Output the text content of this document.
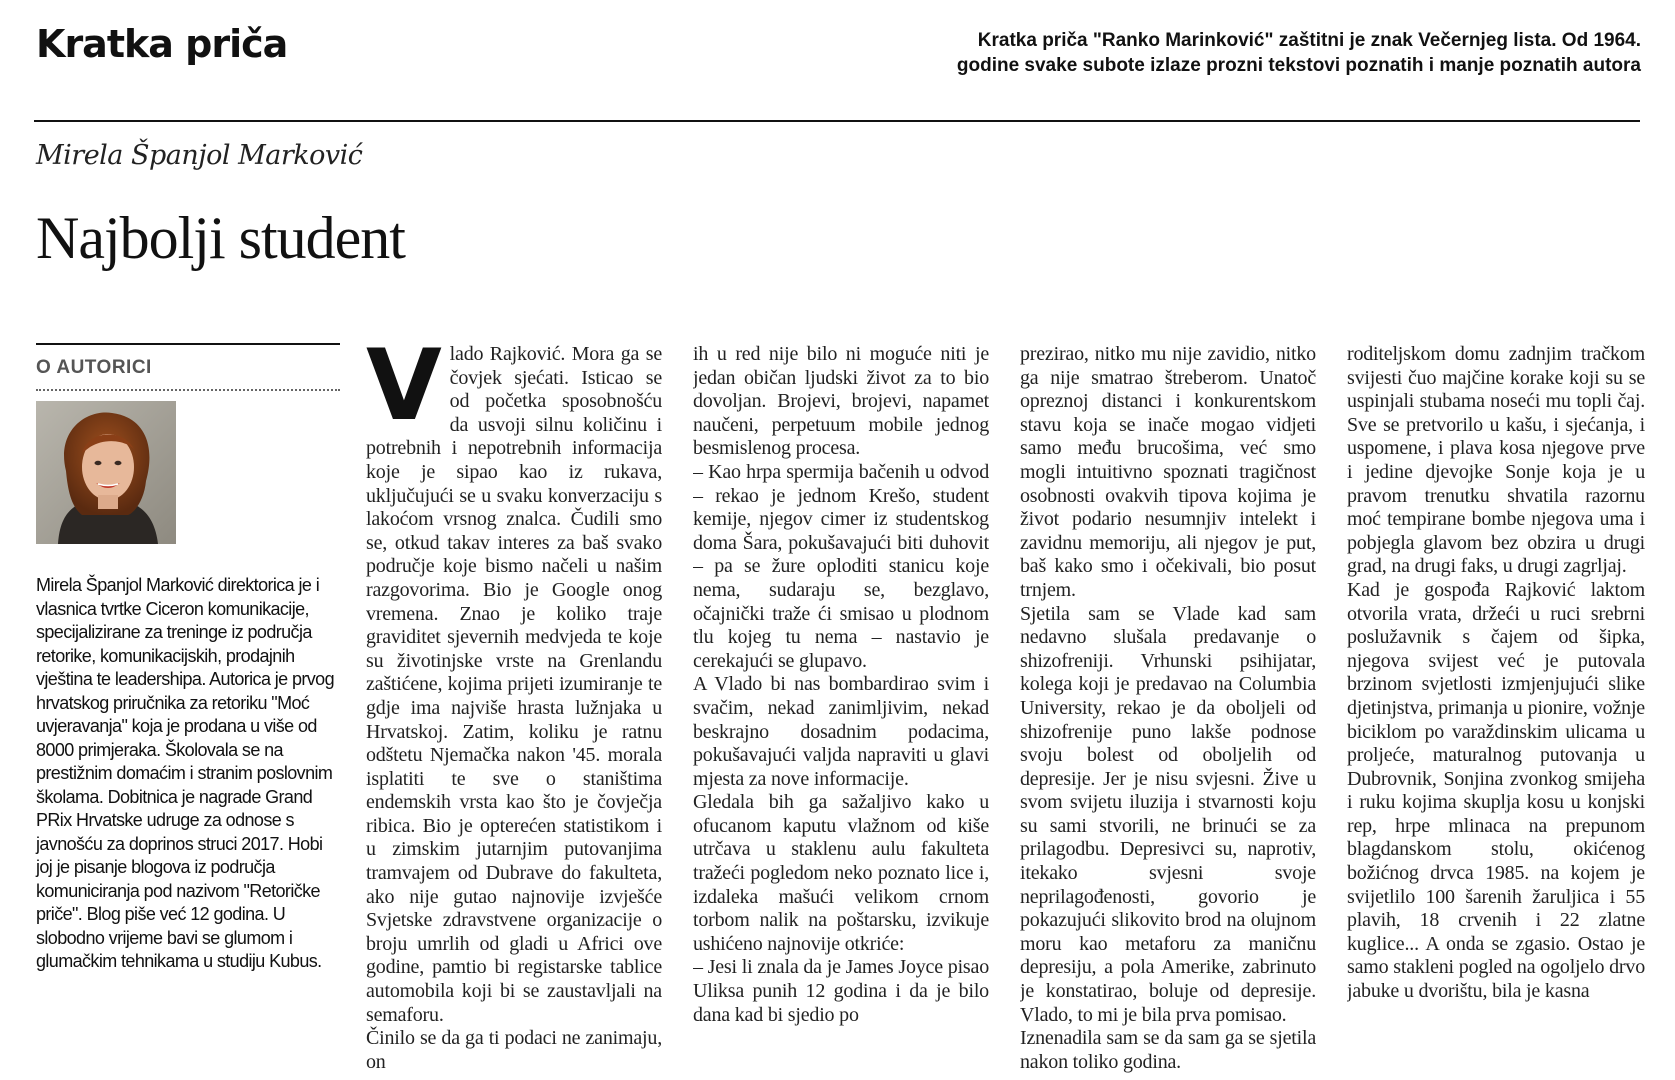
Kratka priča	Kratka priča "Ranko Marinković" zaštitni je znak Večernjeg lista. Od 1964.
godine svake subote izlaze prozni tekstovi poznatih i manje poznatih autora
Mirela Španjol Marković
Najbolji student
O AUTORICI
Mirela Španjol Marković direktorica je i vlasnica tvrtke Ciceron komunikacije, specijalizirane za treninge iz područja retorike, komunikacijskih, prodajnih vještina te leadershipa. Autorica je prvog hrvatskog priručnika za retoriku "Moć uvjeravanja" koja je prodana u više od 8000 primjeraka. Školovala se na prestižnim domaćim i stranim poslovnim školama. Dobitnica je nagrade Grand PRix Hrvatske udruge za odnose s javnošću za doprinos struci 2017. Hobi joj je pisanje blogova iz područja komuniciranja pod nazivom "Retoričke priče". Blog piše već 12 godina. U slobodno vrijeme bavi se glumom i glumačkim tehnikama u studiju Kubus.

Vlado Rajković. Mora ga se čovjek sjećati. Isticao se od početka sposobnošću da usvoji silnu količinu i potrebnih i nepotrebnih informacija koje je sipao kao iz rukava, uključujući se u svaku konverzaciju s lakoćom vrsnog znalca. Čudili smo se, otkud takav interes za baš svako područje koje bismo načeli u našim razgovorima. Bio je Google onog vremena. Znao je koliko traje graviditet sjevernih medvjeda te koje su životinjske vrste na Grenlandu zaštićene, kojima prijeti izumiranje te gdje ima najviše hrasta lužnjaka u Hrvatskoj. Zatim, koliku je ratnu odštetu Njemačka nakon '45. morala isplatiti te sve o staništima endemskih vrsta kao što je čovječja ribica. Bio je opterećen statistikom i u zimskim jutarnjim putovanjima tramvajem od Dubrave do fakulteta, ako nije gutao najnovije izvješće Svjetske zdravstvene organizacije o broju umrlih od gladi u Africi ove godine, pamtio bi registarske tablice automobila koji bi se zaustavljali na semaforu.

Činilo se da ga ti podaci ne zanimaju, on

ih u red nije bilo ni moguće niti je jedan običan ljudski život za to bio dovoljan. Brojevi, brojevi, napamet naučeni, perpetuum mobile jednog besmislenog procesa.

– Kao hrpa spermija bačenih u odvod – rekao je jednom Krešo, student kemije, njegov cimer iz studentskog doma Šara, pokušavajući biti duhovit – pa se žure oploditi stanicu koje nema, sudaraju se, bezglavo, očajnički traže ći smisao u plodnom tlu kojeg tu nema – nastavio je cerekajući se glupavo.

A Vlado bi nas bombardirao svim i svačim, nekad zanimljivim, nekad beskrajno dosadnim podacima, pokušavajući valjda napraviti u glavi mjesta za nove informacije.

Gledala bih ga sažaljivo kako u ofucanom kaputu vlažnom od kiše utrčava u staklenu aulu fakulteta tražeći pogledom neko poznato lice i, izdaleka mašući velikom crnom torbom nalik na poštarsku, izvikuje ushićeno najnovije otkriće:

– Jesi li znala da je James Joyce pisao Uliksa punih 12 godina i da je bilo dana kad bi sjedio po

prezirao, nitko mu nije zavidio, nitko ga nije smatrao štreberom. Unatoč opreznoj distanci i konkurentskom stavu koja se inače mogao vidjeti samo među brucošima, već smo mogli intuitivno spoznati tragičnost osobnosti ovakvih tipova kojima je život podario nesumnjiv intelekt i zavidnu memoriju, ali njegov je put, baš kako smo i očekivali, bio posut trnjem.

Sjetila sam se Vlade kad sam nedavno slušala predavanje o shizofreniji. Vrhunski psihijatar, kolega koji je predavao na Columbia University, rekao je da oboljeli od shizofrenije puno lakše podnose svoju bolest od oboljelih od depresije. Jer je nisu svjesni. Žive u svom svijetu iluzija i stvarnosti koju su sami stvorili, ne brinući se za prilagodbu. Depresivci su, naprotiv, itekako svjesni svoje neprilagođenosti, govorio je pokazujući slikovito brod na olujnom moru kao metaforu za maničnu depresiju, a pola Amerike, zabrinuto je konstatirao, boluje od depresije. Vlado, to mi je bila prva pomisao.

Iznenadila sam se da sam ga se sjetila nakon toliko godina.

roditeljskom domu zadnjim tračkom svijesti čuo majčine korake koji su se uspinjali stubama noseći mu topli čaj. Sve se pretvorilo u kašu, i sjećanja, i uspomene, i plava kosa njegove prve i jedine djevojke Sonje koja je u pravom trenutku shvatila razornu moć tempirane bombe njegova uma i pobjegla glavom bez obzira u drugi grad, na drugi faks, u drugi zagrljaj.

Kad je gospođa Rajković laktom otvorila vrata, držeći u ruci srebrni poslužavnik s čajem od šipka, njegova svijest već je putovala brzinom svjetlosti izmjenjujući slike djetinjstva, primanja u pionire, vožnje biciklom po varaždinskim ulicama u proljeće, maturalnog putovanja u Dubrovnik, Sonjina zvonkog smijeha i ruku kojima skuplja kosu u konjski rep, hrpe mlinaca na prepunom blagdanskom stolu, okićenog božićnog drvca 1985. na kojem je svijetlilo 100 šarenih žaruljica i 55 plavih, 18 crvenih i 22 zlatne kuglice... A onda se zgasio. Ostao je samo stakleni pogled na ogoljelo drvo jabuke u dvorištu, bila je kasna
